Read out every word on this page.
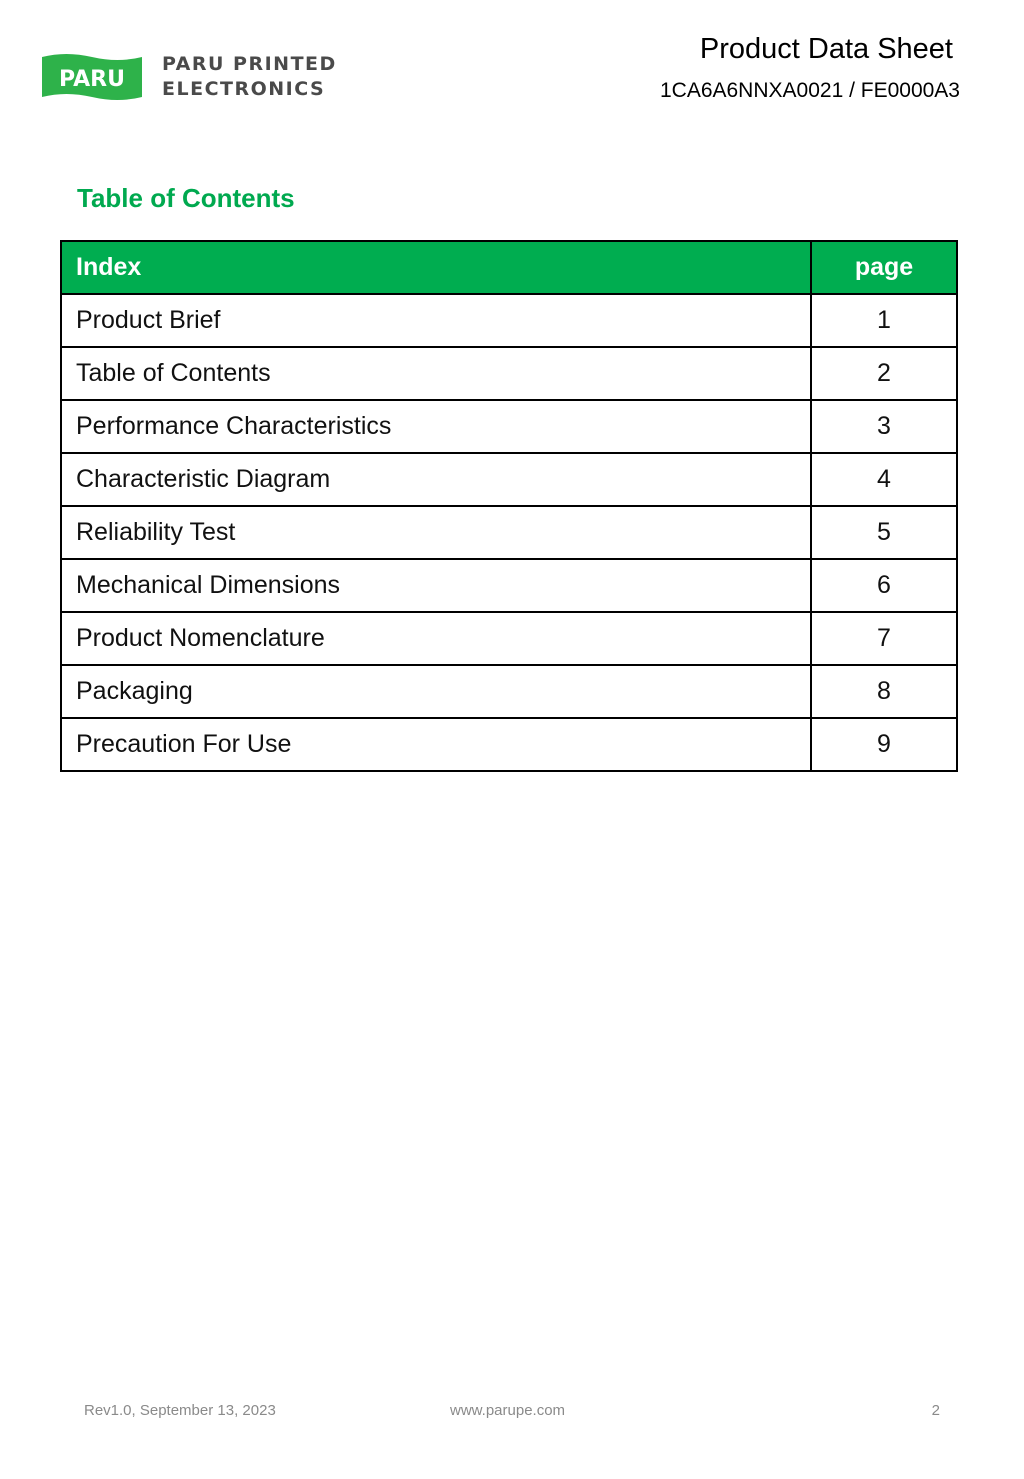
PARU
PARU PRINTED
ELECTRONICS
Product Data Sheet
1CA6A6NNXA0021 / FE0000A3
Table of Contents
Index	page
Product Brief	1
Table of Contents	2
Performance Characteristics	3
Characteristic Diagram	4
Reliability Test	5
Mechanical Dimensions	6
Product Nomenclature	7
Packaging	8
Precaution For Use	9
Rev1.0, September 13, 2023	www.parupe.com	2
